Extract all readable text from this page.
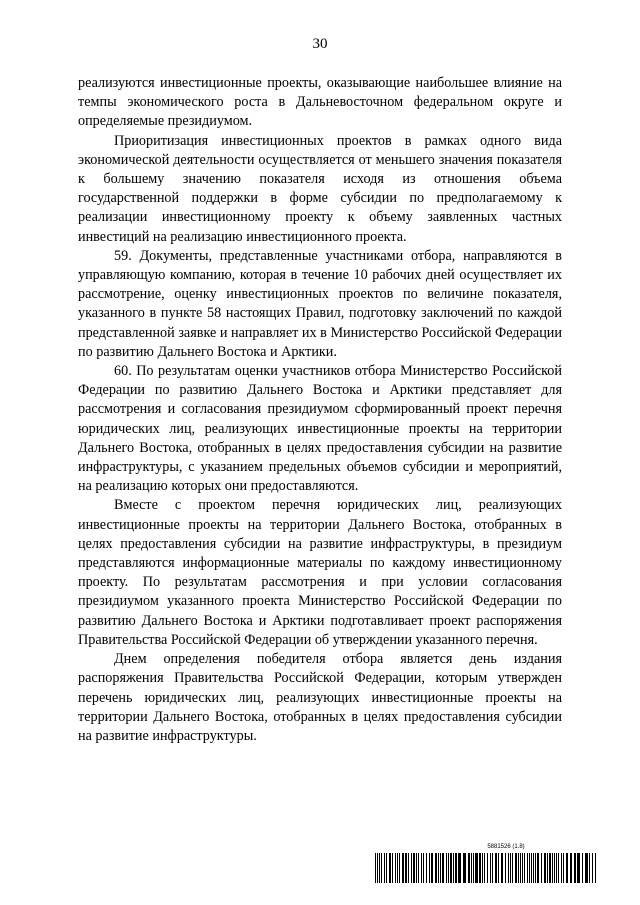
30

реализуются инвестиционные проекты, оказывающие наибольшее влияние на темпы экономического роста в Дальневосточном федеральном округе и определяемые президиумом.

Приоритизация инвестиционных проектов в рамках одного вида экономической деятельности осуществляется от меньшего значения показателя к большему значению показателя исходя из отношения объема государственной поддержки в форме субсидии по предполагаемому к реализации инвестиционному проекту к объему заявленных частных инвестиций на реализацию инвестиционного проекта.

59. Документы, представленные участниками отбора, направляются в управляющую компанию, которая в течение 10 рабочих дней осуществляет их рассмотрение, оценку инвестиционных проектов по величине показателя, указанного в пункте 58 настоящих Правил, подготовку заключений по каждой представленной заявке и направляет их в Министерство Российской Федерации по развитию Дальнего Востока и Арктики.

60. По результатам оценки участников отбора Министерство Российской Федерации по развитию Дальнего Востока и Арктики представляет для рассмотрения и согласования президиумом сформированный проект перечня юридических лиц, реализующих инвестиционные проекты на территории Дальнего Востока, отобранных в целях предоставления субсидии на развитие инфраструктуры, с указанием предельных объемов субсидии и мероприятий, на реализацию которых они предоставляются.

Вместе с проектом перечня юридических лиц, реализующих инвестиционные проекты на территории Дальнего Востока, отобранных в целях предоставления субсидии на развитие инфраструктуры, в президиум представляются информационные материалы по каждому инвестиционному проекту. По результатам рассмотрения и при условии согласования президиумом указанного проекта Министерство Российской Федерации по развитию Дальнего Востока и Арктики подготавливает проект распоряжения Правительства Российской Федерации об утверждении указанного перечня.

Днем определения победителя отбора является день издания распоряжения Правительства Российской Федерации, которым утвержден перечень юридических лиц, реализующих инвестиционные проекты на территории Дальнего Востока, отобранных в целях предоставления субсидии на развитие инфраструктуры.

5881526 (1.8)
